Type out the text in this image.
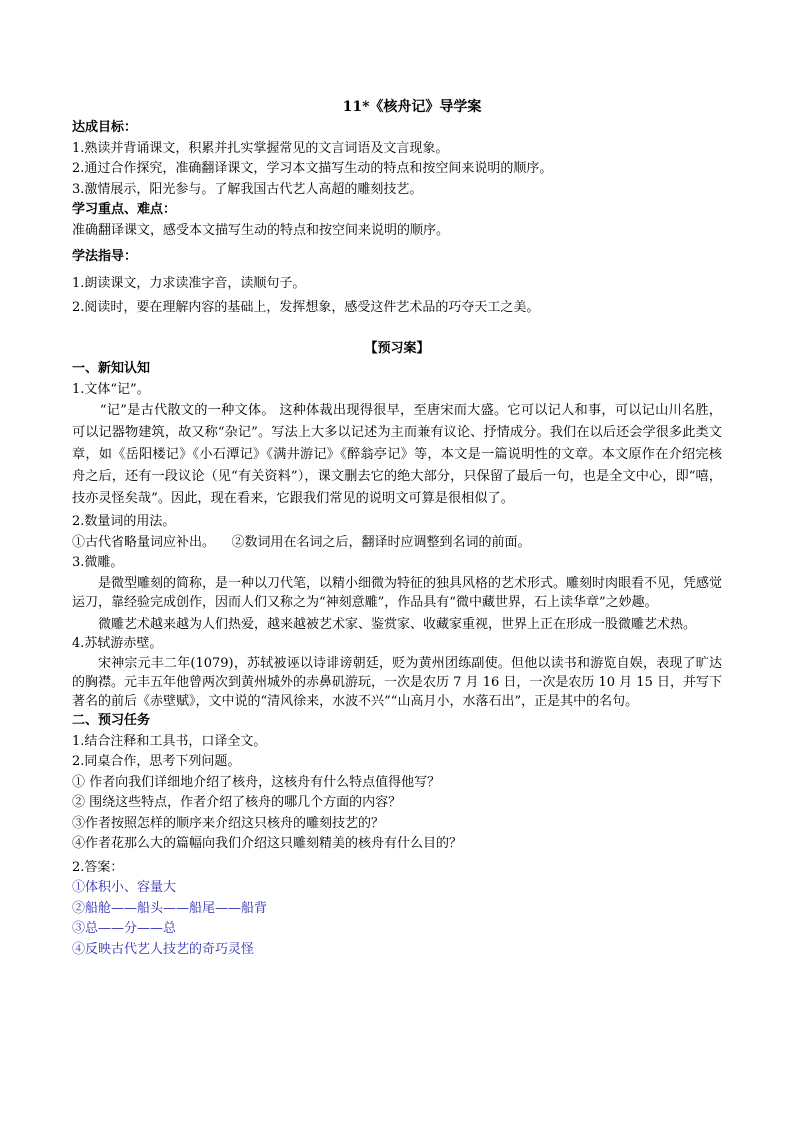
11*《核舟记》导学案
达成目标：
1.熟读并背诵课文，积累并扎实掌握常见的文言词语及文言现象。
2.通过合作探究，准确翻译课文，学习本文描写生动的特点和按空间来说明的顺序。
3.激情展示，阳光参与。了解我国古代艺人高超的雕刻技艺。
学习重点、难点：
准确翻译课文，感受本文描写生动的特点和按空间来说明的顺序。
学法指导：
1.朗读课文，力求读准字音，读顺句子。
2.阅读时，要在理解内容的基础上，发挥想象，感受这件艺术品的巧夺天工之美。
【预习案】
一、新知认知
1.文体“记”。
“记”是古代散文的一种文体。 这种体裁出现得很早，至唐宋而大盛。它可以记人和事，可以记山川名胜，可以记器物建筑，故又称“杂记”。写法上大多以记述为主而兼有议论、抒情成分。我们在以后还会学很多此类文章，如《岳阳楼记》《小石潭记》《满井游记》《醉翁亭记》等，本文是一篇说明性的文章。本文原作在介绍完核舟之后，还有一段议论（见“有关资料”），课文删去它的绝大部分，只保留了最后一句，也是全文中心，即“嘻，技亦灵怪矣哉”。因此，现在看来，它跟我们常见的说明文可算是很相似了。
2.数量词的用法。
①古代省略量词应补出。    ②数词用在名词之后，翻译时应调整到名词的前面。
3.微雕。
是微型雕刻的简称，是一种以刀代笔，以精小细微为特征的独具风格的艺术形式。雕刻时肉眼看不见，凭感觉运刀，靠经验完成创作，因而人们又称之为“神刻意雕”，作品具有“微中藏世界，石上读华章”之妙趣。
微雕艺术越来越为人们热爱，越来越被艺术家、鉴赏家、收藏家重视，世界上正在形成一股微雕艺术热。
4.苏轼游赤壁。
宋神宗元丰二年(1079)，苏轼被诬以诗诽谤朝廷，贬为黄州团练副使。但他以读书和游览自娱，表现了旷达的胸襟。元丰五年他曾两次到黄州城外的赤鼻矶游玩，一次是农历 7 月 16 日，一次是农历 10 月 15 日，并写下著名的前后《赤壁赋》，文中说的“清风徐来，水波不兴”“山高月小，水落石出”，正是其中的名句。
二、预习任务
1.结合注释和工具书，口译全文。
2.同桌合作，思考下列问题。
① 作者向我们详细地介绍了核舟，这核舟有什么特点值得他写？
② 围绕这些特点，作者介绍了核舟的哪几个方面的内容？
③作者按照怎样的顺序来介绍这只核舟的雕刻技艺的？
④作者花那么大的篇幅向我们介绍这只雕刻精美的核舟有什么目的？
2.答案：
①体积小、容量大
②船舱——船头——船尾——船背
③总——分——总
④反映古代艺人技艺的奇巧灵怪
